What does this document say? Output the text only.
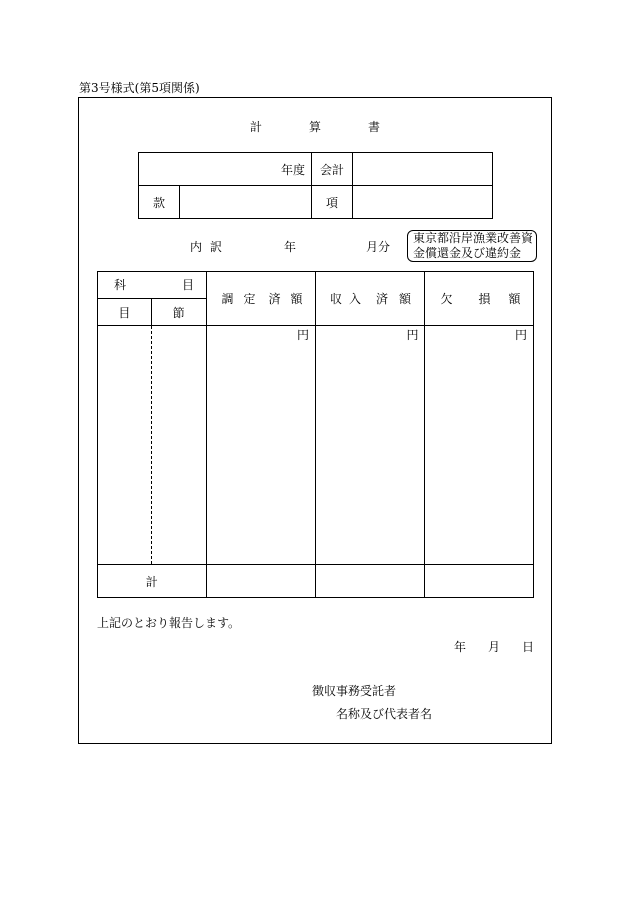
第3号様式(第5項関係)
計	算	書
年度		会計	
款		項	
内 訳	年	月分
東京都沿岸漁業改善資
金償還金及び違約金
科 目		調 定 済 額	収 入 済 額	欠 損 額

目	節			
		円	円	円
計				
上記のとおり報告します。
年 月 日
徴収事務受託者
名称及び代表者名
